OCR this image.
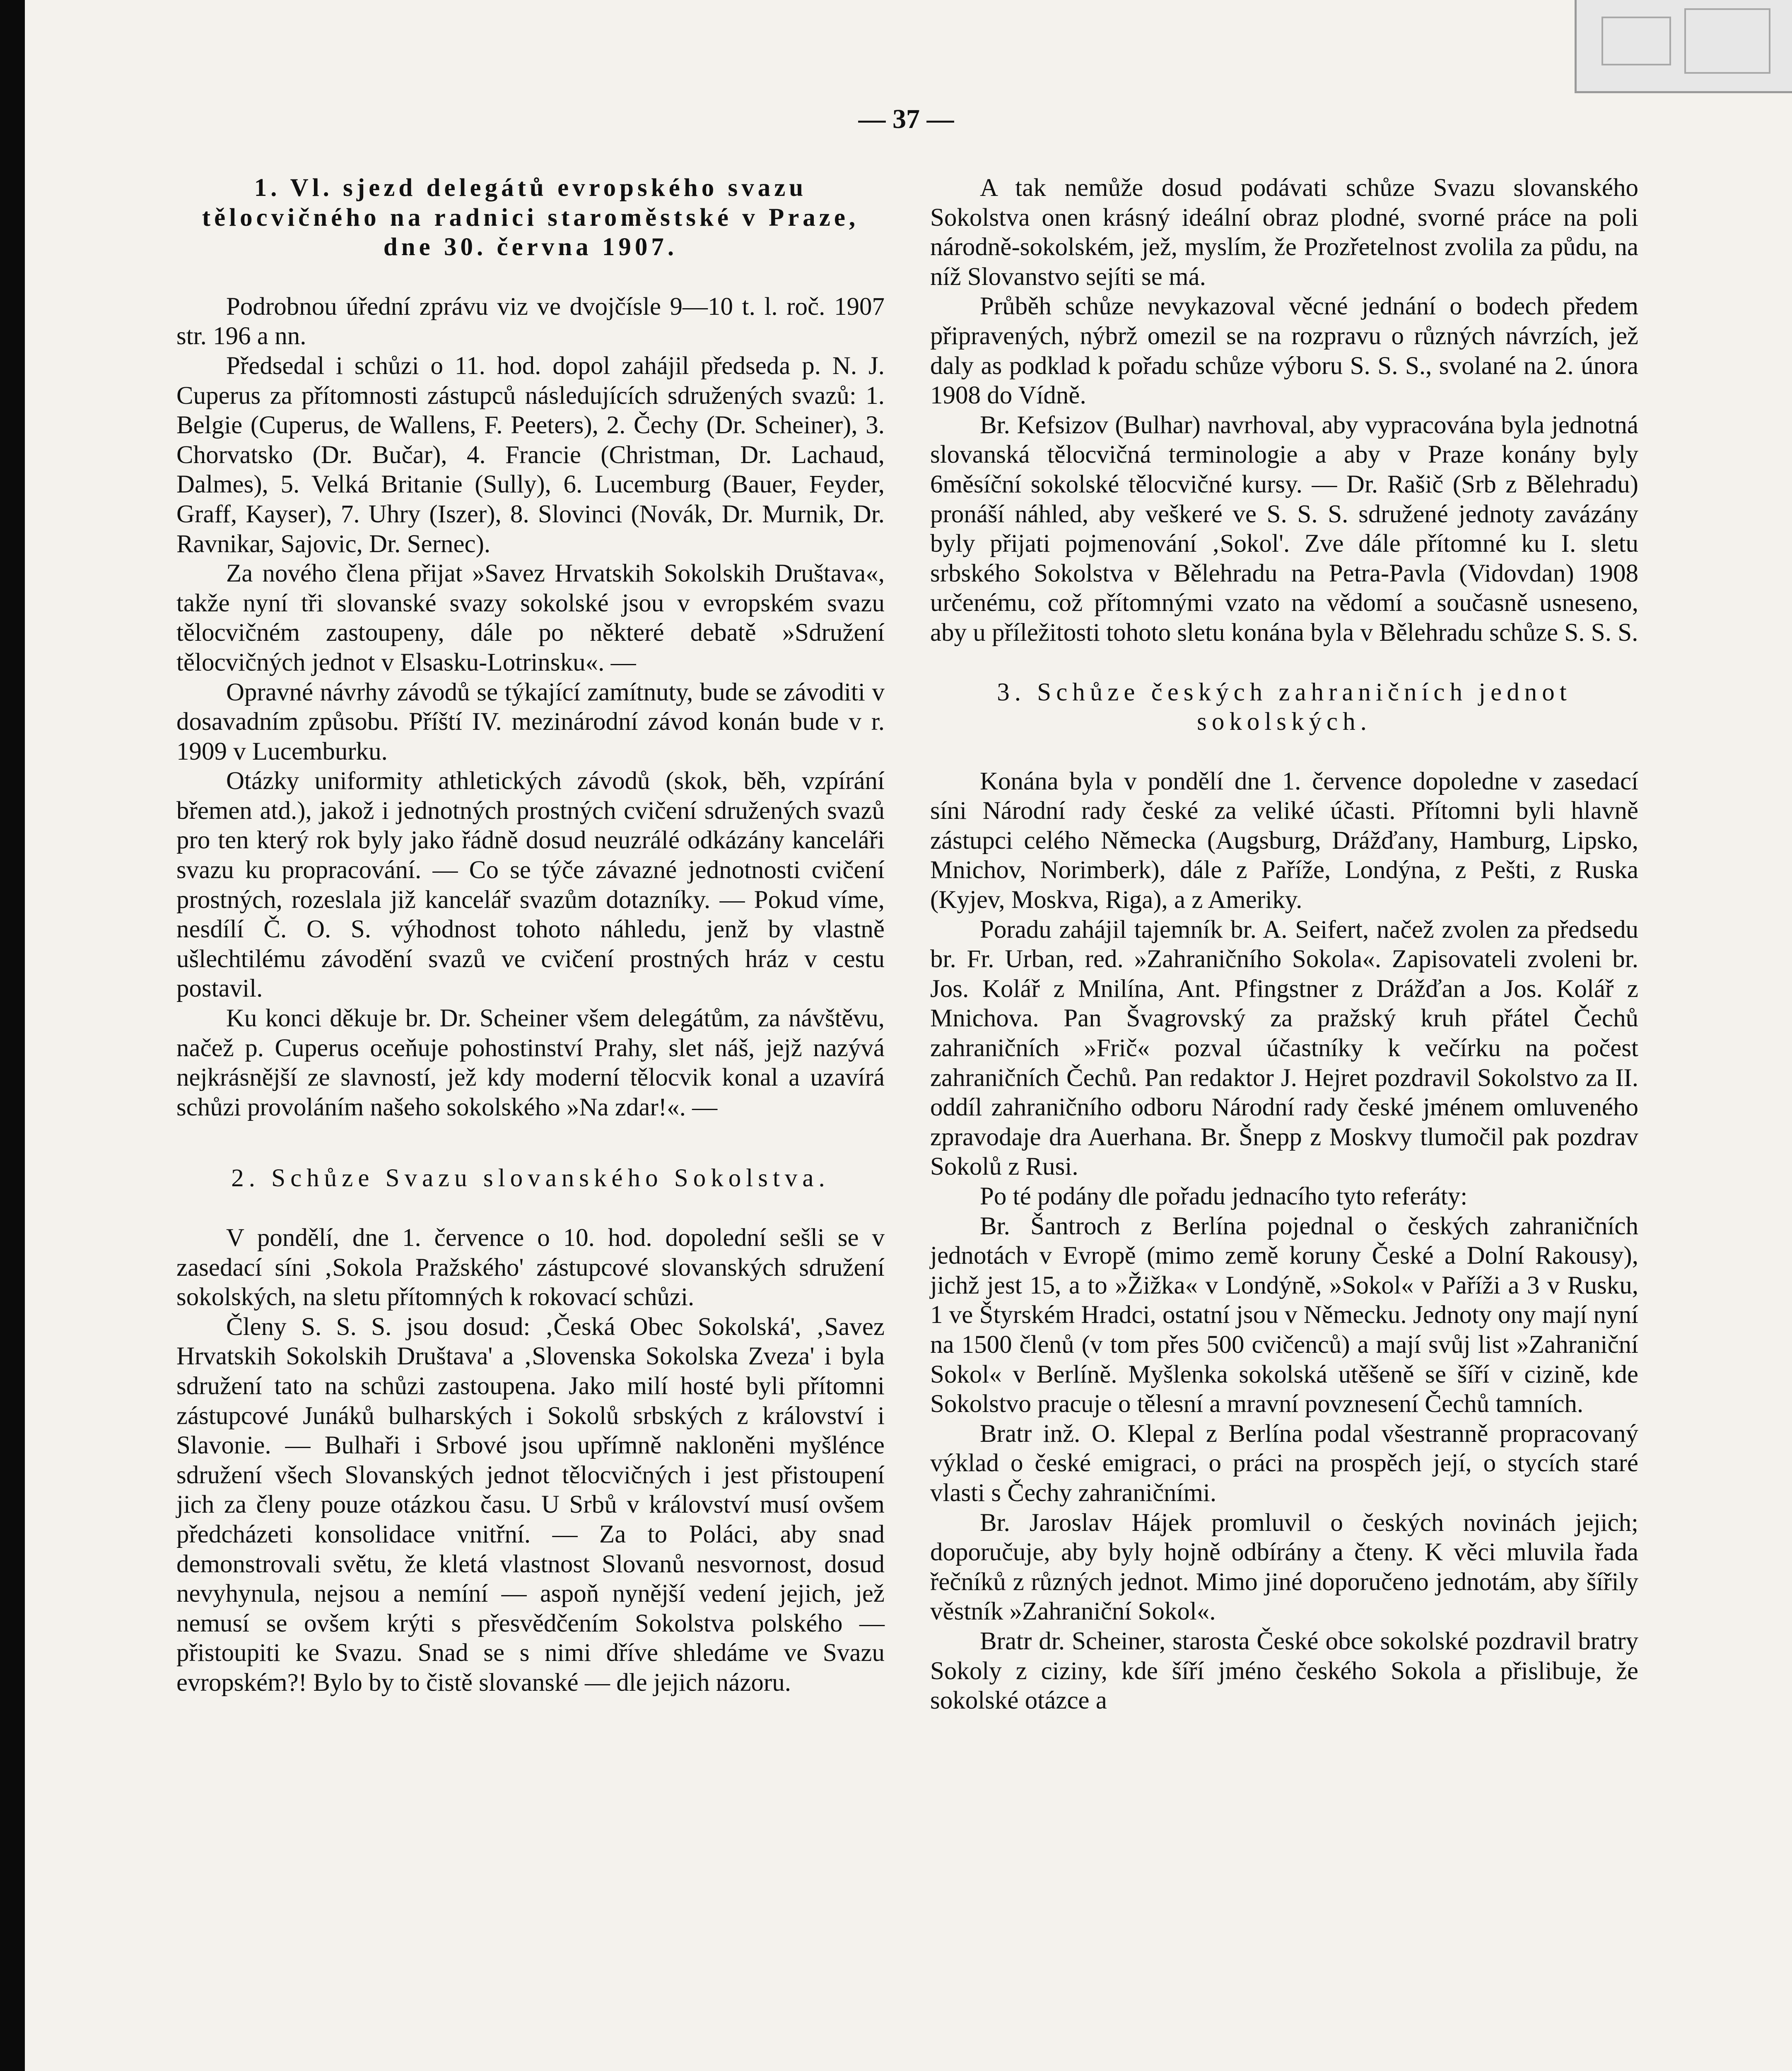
— 37 —

1. Vl. sjezd delegátů evropského svazu tělocvičného na radnici staroměstské v Praze, dne 30. června 1907.

Podrobnou úřední zprávu viz ve dvojčísle 9—10 t. l. roč. 1907 str. 196 a nn.

Předsedal i schůzi o 11. hod. dopol zahájil předseda p. N. J. Cuperus za přítomnosti zástupců následujících sdružených svazů: 1. Belgie (Cuperus, de Wallens, F. Peeters), 2. Čechy (Dr. Scheiner), 3. Chorvatsko (Dr. Bučar), 4. Francie (Christman, Dr. Lachaud, Dalmes), 5. Velká Britanie (Sully), 6. Lucemburg (Bauer, Feyder, Graff, Kayser), 7. Uhry (Iszer), 8. Slovinci (Novák, Dr. Murnik, Dr. Ravnikar, Sajovic, Dr. Sernec).

Za nového člena přijat »Savez Hrvatskih Sokolskih Društava«, takže nyní tři slovanské svazy sokolské jsou v evropském svazu tělocvičném zastoupeny, dále po některé debatě »Sdružení tělocvičných jednot v Elsasku-Lotrinsku«. —

Opravné návrhy závodů se týkající zamítnuty, bude se závoditi v dosavadním způsobu. Příští IV. mezinárodní závod konán bude v r. 1909 v Lucemburku.

Otázky uniformity athletických závodů (skok, běh, vzpírání břemen atd.), jakož i jednotných prostných cvičení sdružených svazů pro ten který rok byly jako řádně dosud neuzrálé odkázány kanceláři svazu ku propracování. — Co se týče závazné jednotnosti cvičení prostných, rozeslala již kancelář svazům dotazníky. — Pokud víme, nesdílí Č. O. S. výhodnost tohoto náhledu, jenž by vlastně ušlechtilému závodění svazů ve cvičení prostných hráz v cestu postavil.

Ku konci děkuje br. Dr. Scheiner všem delegátům, za návštěvu, načež p. Cuperus oceňuje pohostinství Prahy, slet náš, jejž nazývá nejkrásnější ze slavností, jež kdy moderní tělocvik konal a uzavírá schůzi provoláním našeho sokolského »Na zdar!«. —

2. Schůze Svazu slovanského Sokolstva.

V pondělí, dne 1. července o 10. hod. dopolední sešli se v zasedací síni ‚Sokola Pražského' zástupcové slovanských sdružení sokolských, na sletu přítomných k rokovací schůzi.

Členy S. S. S. jsou dosud: ‚Česká Obec Sokolská', ‚Savez Hrvatskih Sokolskih Društava' a ‚Slovenska Sokolska Zveza' i byla sdružení tato na schůzi zastoupena. Jako milí hosté byli přítomni zástupcové Junáků bulharských i Sokolů srbských z království i Slavonie. — Bulhaři i Srbové jsou upřímně nakloněni myšlénce sdružení všech Slovanských jednot tělocvičných i jest přistoupení jich za členy pouze otázkou času. U Srbů v království musí ovšem předcházeti konsolidace vnitřní. — Za to Poláci, aby snad demonstrovali světu, že kletá vlastnost Slovanů nesvornost, dosud nevyhynula, nejsou a nemíní — aspoň nynější vedení jejich, jež nemusí se ovšem krýti s přesvědčením Sokolstva polského — přistoupiti ke Svazu. Snad se s nimi dříve shledáme ve Svazu evropském?! Bylo by to čistě slovanské — dle jejich názoru.

A tak nemůže dosud podávati schůze Svazu slovanského Sokolstva onen krásný ideální obraz plodné, svorné práce na poli národně-sokolském, jež, myslím, že Prozřetelnost zvolila za půdu, na níž Slovanstvo sejíti se má.

Průběh schůze nevykazoval věcné jednání o bodech předem připravených, nýbrž omezil se na rozpravu o různých návrzích, jež daly as podklad k pořadu schůze výboru S. S. S., svolané na 2. února 1908 do Vídně.

Br. Kefsizov (Bulhar) navrhoval, aby vypracována byla jednotná slovanská tělocvičná terminologie a aby v Praze konány byly 6měsíční sokolské tělocvičné kursy. — Dr. Rašič (Srb z Bělehradu) pronáší náhled, aby veškeré ve S. S. S. sdružené jednoty zavázány byly přijati pojmenování ‚Sokol'. Zve dále přítomné ku I. sletu srbského Sokolstva v Bělehradu na Petra-Pavla (Vidovdan) 1908 určenému, což přítomnými vzato na vědomí a současně usneseno, aby u příležitosti tohoto sletu konána byla v Bělehradu schůze S. S. S.

3. Schůze českých zahraničních jednot sokolských.

Konána byla v pondělí dne 1. července dopoledne v zasedací síni Národní rady české za veliké účasti. Přítomni byli hlavně zástupci celého Německa (Augsburg, Drážďany, Hamburg, Lipsko, Mnichov, Norimberk), dále z Paříže, Londýna, z Pešti, z Ruska (Kyjev, Moskva, Riga), a z Ameriky.

Poradu zahájil tajemník br. A. Seifert, načež zvolen za předsedu br. Fr. Urban, red. »Zahraničního Sokola«. Zapisovateli zvoleni br. Jos. Kolář z Mnilína, Ant. Pfingstner z Drážďan a Jos. Kolář z Mnichova. Pan Švagrovský za pražský kruh přátel Čechů zahraničních »Frič« pozval účastníky k večírku na počest zahraničních Čechů. Pan redaktor J. Hejret pozdravil Sokolstvo za II. oddíl zahraničního odboru Národní rady české jménem omluveného zpravodaje dra Auerhana. Br. Šnepp z Moskvy tlumočil pak pozdrav Sokolů z Rusi.

Po té podány dle pořadu jednacího tyto referáty:

Br. Šantroch z Berlína pojednal o českých zahraničních jednotách v Evropě (mimo země koruny České a Dolní Rakousy), jichž jest 15, a to »Žižka« v Londýně, »Sokol« v Paříži a 3 v Rusku, 1 ve Štyrském Hradci, ostatní jsou v Německu. Jednoty ony mají nyní na 1500 členů (v tom přes 500 cvičenců) a mají svůj list »Zahraniční Sokol« v Berlíně. Myšlenka sokolská utěšeně se šíří v cizině, kde Sokolstvo pracuje o tělesní a mravní povznesení Čechů tamních.

Bratr inž. O. Klepal z Berlína podal všestranně propracovaný výklad o české emigraci, o práci na prospěch její, o stycích staré vlasti s Čechy zahraničními.

Br. Jaroslav Hájek promluvil o českých novinách jejich; doporučuje, aby byly hojně odbírány a čteny. K věci mluvila řada řečníků z různých jednot. Mimo jiné doporučeno jednotám, aby šířily věstník »Zahraniční Sokol«.

Bratr dr. Scheiner, starosta České obce sokolské pozdravil bratry Sokoly z ciziny, kde šíří jméno českého Sokola a přislibuje, že sokolské otázce a
